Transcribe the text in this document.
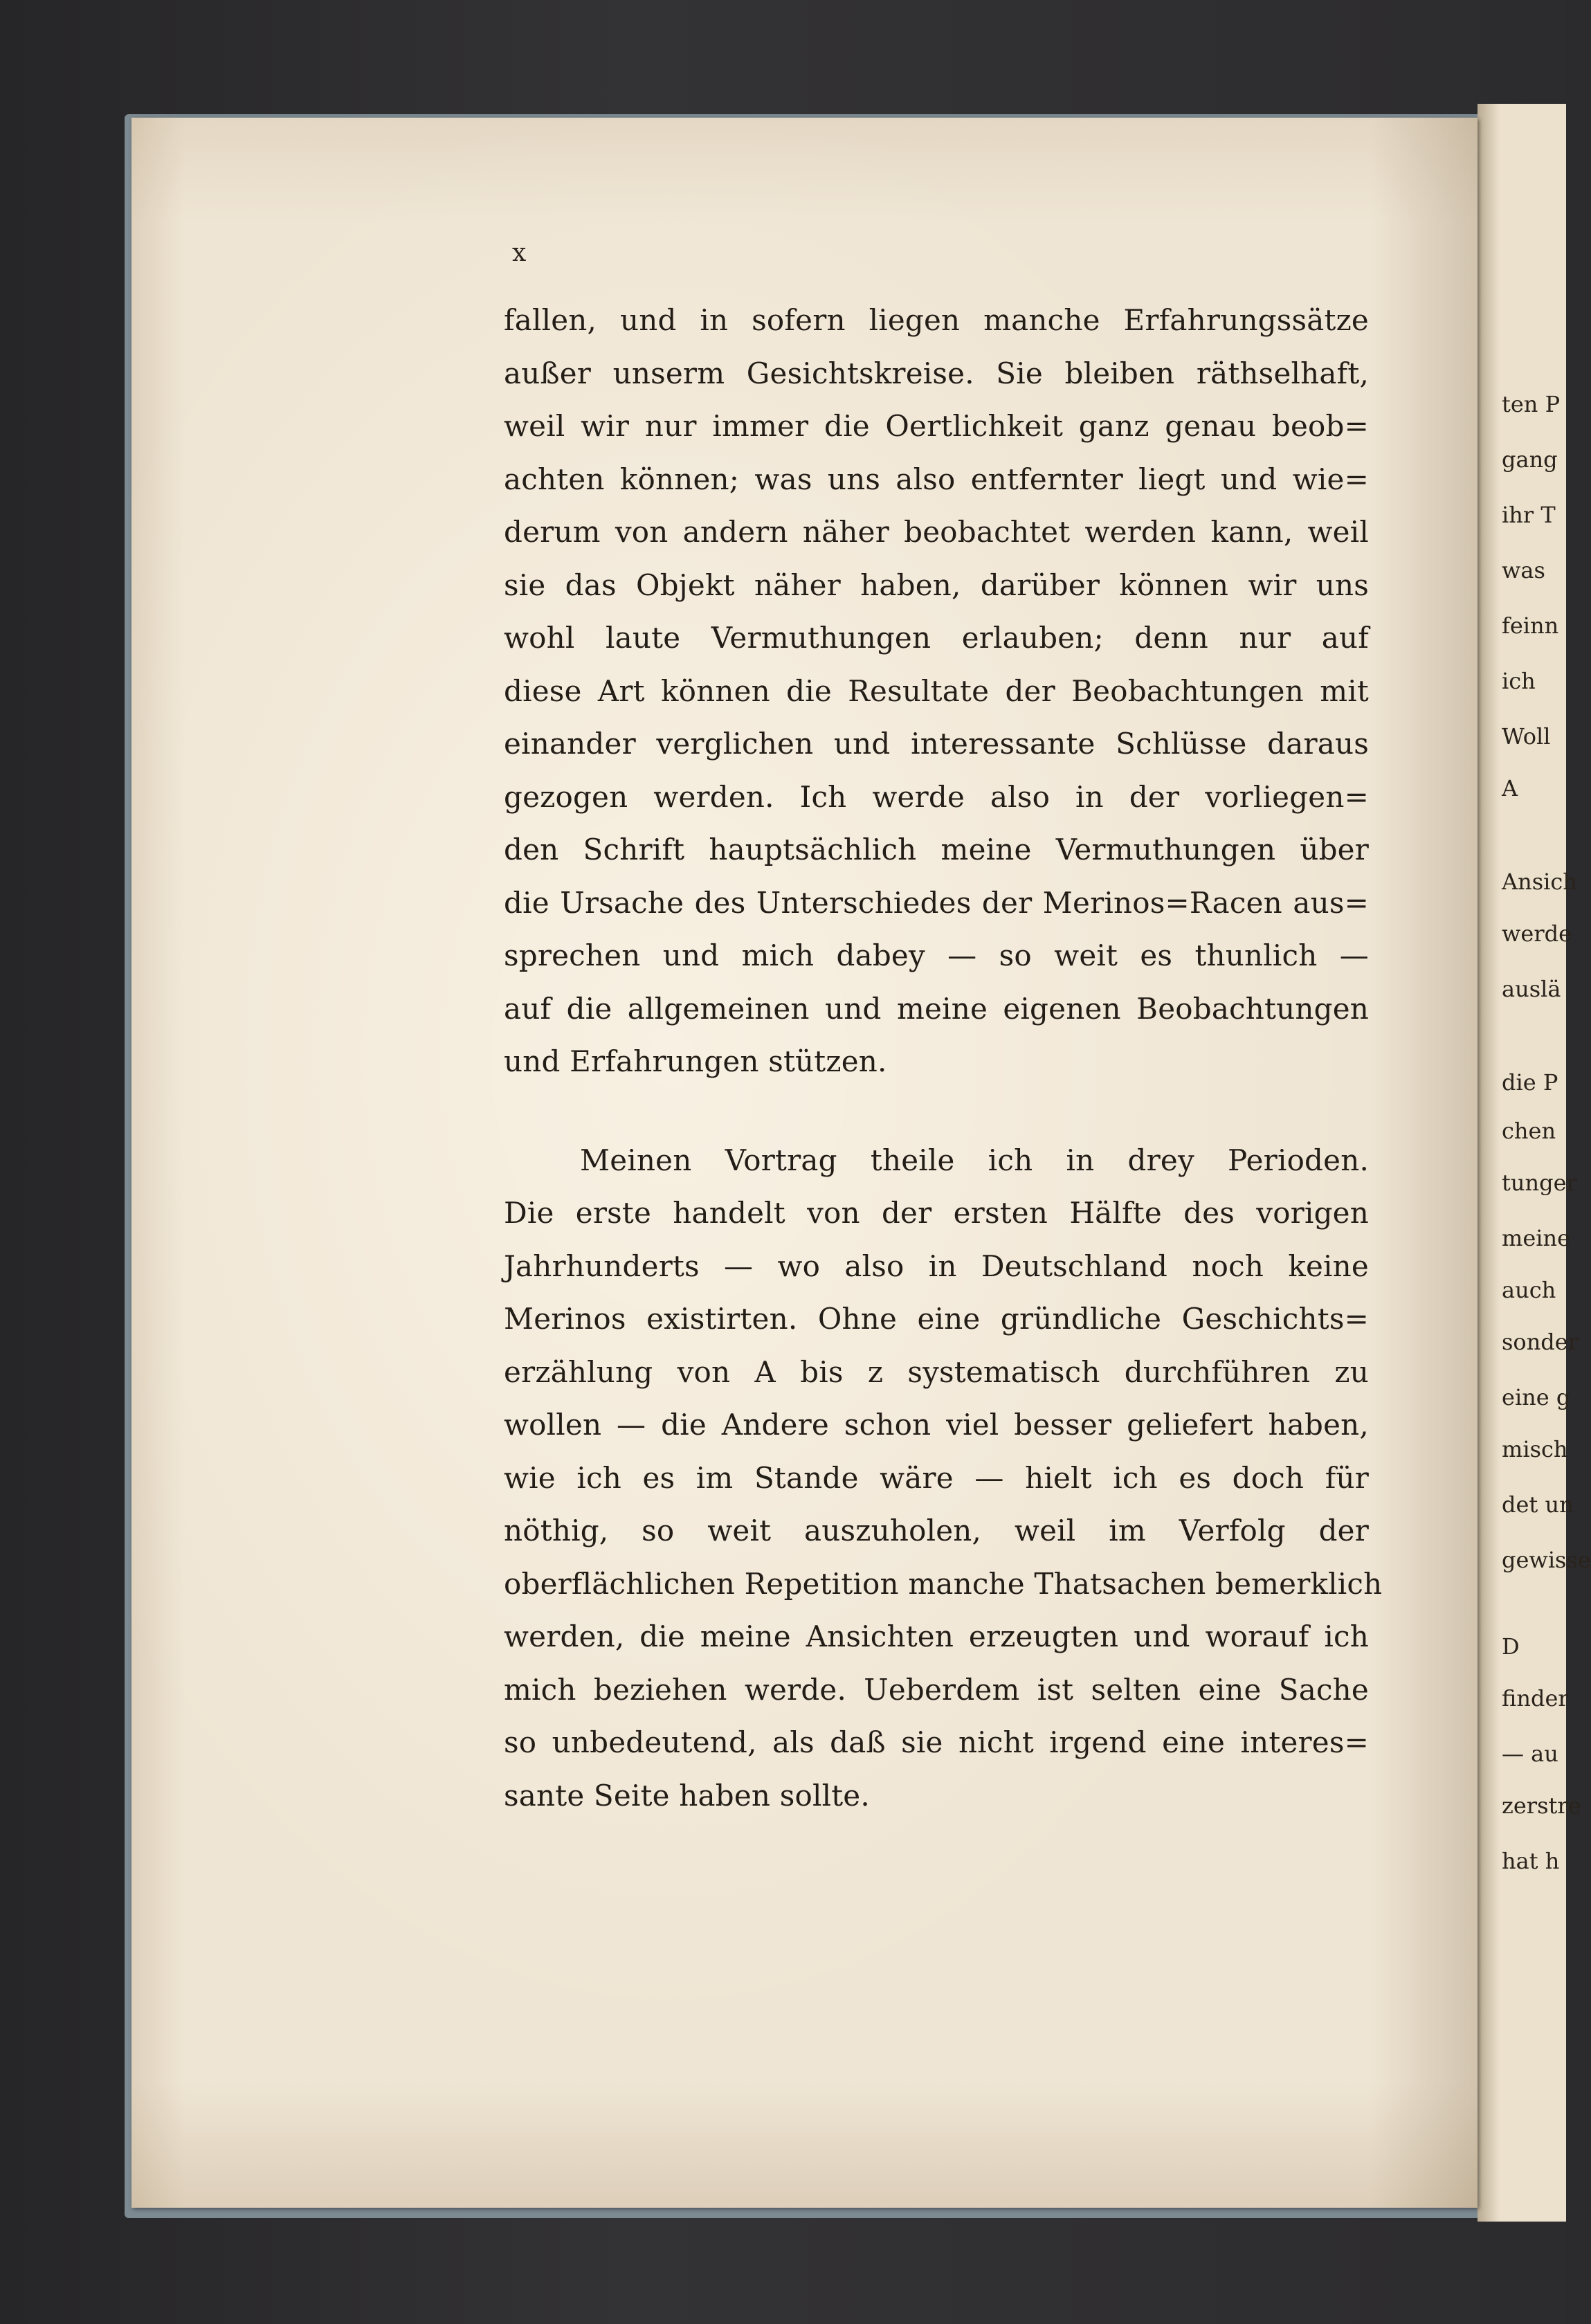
x
fallen, und in sofern liegen manche Erfahrungssätze
außer unserm Gesichtskreise. Sie bleiben räthselhaft,
weil wir nur immer die Oertlichkeit ganz genau beob=
achten können; was uns also entfernter liegt und wie=
derum von andern näher beobachtet werden kann, weil
sie das Objekt näher haben, darüber können wir uns
wohl laute Vermuthungen erlauben; denn nur auf
diese Art können die Resultate der Beobachtungen mit
einander verglichen und interessante Schlüsse daraus
gezogen werden. Ich werde also in der vorliegen=
den Schrift hauptsächlich meine Vermuthungen über
die Ursache des Unterschiedes der Merinos=Racen aus=
sprechen und mich dabey — so weit es thunlich —
auf die allgemeinen und meine eigenen Beobachtungen
und Erfahrungen stützen.
Meinen Vortrag theile ich in drey Perioden.
Die erste handelt von der ersten Hälfte des vorigen
Jahrhunderts — wo also in Deutschland noch keine
Merinos existirten. Ohne eine gründliche Geschichts=
erzählung von A bis z systematisch durchführen zu
wollen — die Andere schon viel besser geliefert haben,
wie ich es im Stande wäre — hielt ich es doch für
nöthig, so weit auszuholen, weil im Verfolg der
oberflächlichen Repetition manche Thatsachen bemerklich
werden, die meine Ansichten erzeugten und worauf ich
mich beziehen werde. Ueberdem ist selten eine Sache
so unbedeutend, als daß sie nicht irgend eine interes=
sante Seite haben sollte.
ten P
gang
ihr T
was
feinn
ich
Woll
A
Ansich
werde
auslä
die P
chen
tunger
meine
auch
sonder
eine g
misch
det un
gewisse
D
finder
— au
zerstre
hat h
